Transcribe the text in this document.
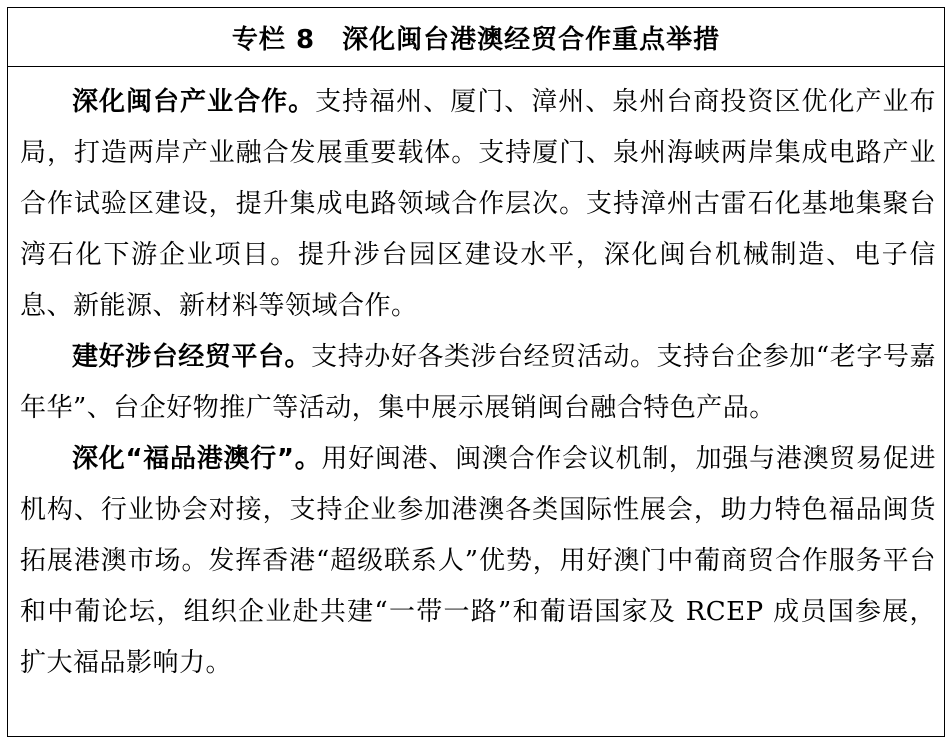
专栏 8　深化闽台港澳经贸合作重点举措

深化闽台产业合作。支持福州、厦门、漳州、泉州台商投资区优化产业布局，打造两岸产业融合发展重要载体。支持厦门、泉州海峡两岸集成电路产业合作试验区建设，提升集成电路领域合作层次。支持漳州古雷石化基地集聚台湾石化下游企业项目。提升涉台园区建设水平，深化闽台机械制造、电子信息、新能源、新材料等领域合作。

建好涉台经贸平台。支持办好各类涉台经贸活动。支持台企参加“老字号嘉年华”、台企好物推广等活动，集中展示展销闽台融合特色产品。

深化“福品港澳行”。用好闽港、闽澳合作会议机制，加强与港澳贸易促进机构、行业协会对接，支持企业参加港澳各类国际性展会，助力特色福品闽货拓展港澳市场。发挥香港“超级联系人”优势，用好澳门中葡商贸合作服务平台和中葡论坛，组织企业赴共建“一带一路”和葡语国家及 RCEP 成员国参展，扩大福品影响力。
